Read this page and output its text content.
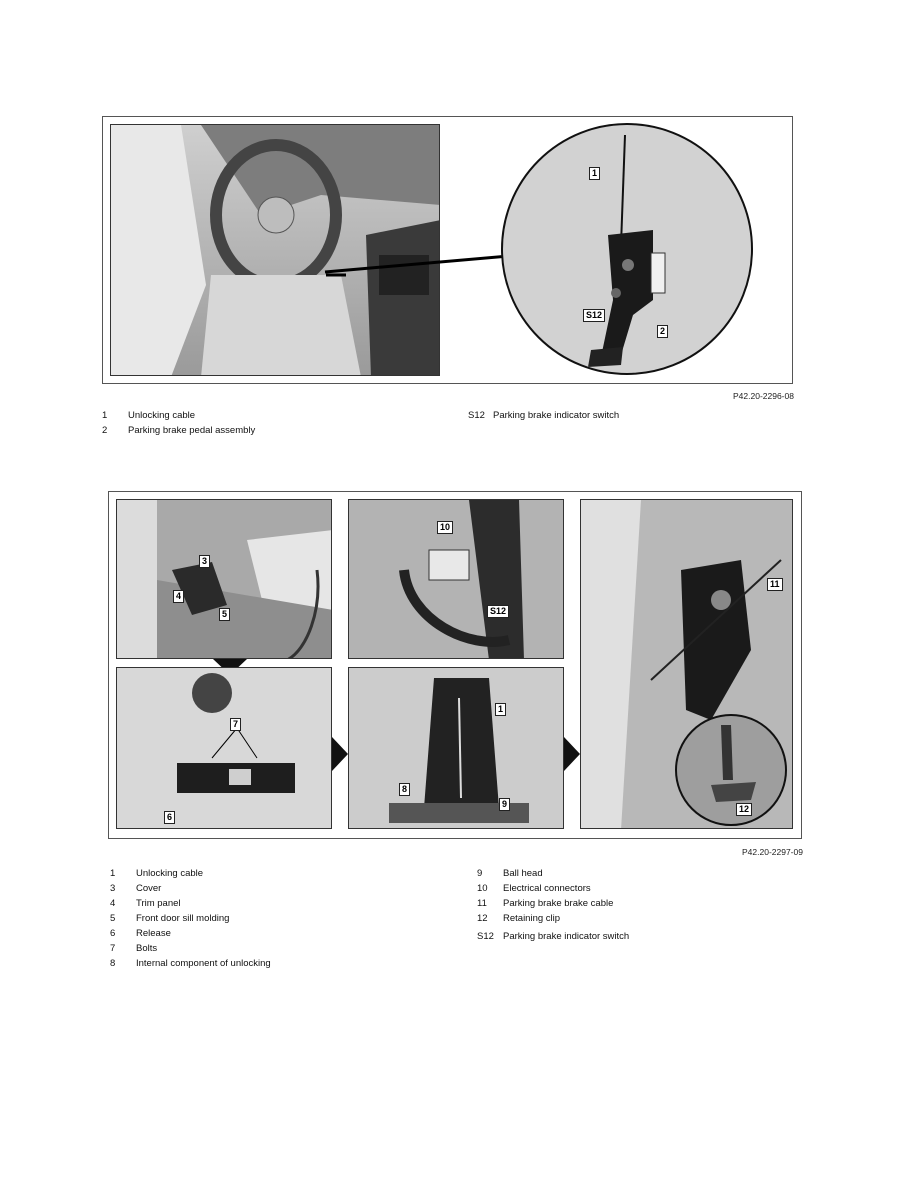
1
S12
2
P42.20-2296-08
1	Unlocking cable
2	Parking brake pedal assembly
S12 Parking brake indicator switch
3
4
5
7
6
10
S12
1
8
9
11
12
P42.20-2297-09
1	Unlocking cable
3	Cover
4	Trim panel
5	Front door sill molding
6	Release
7	Bolts
8	Internal component of unlocking
9	Ball head
10	Electrical connectors
11	Parking brake brake cable
12	Retaining clip
S12 Parking brake indicator switch
